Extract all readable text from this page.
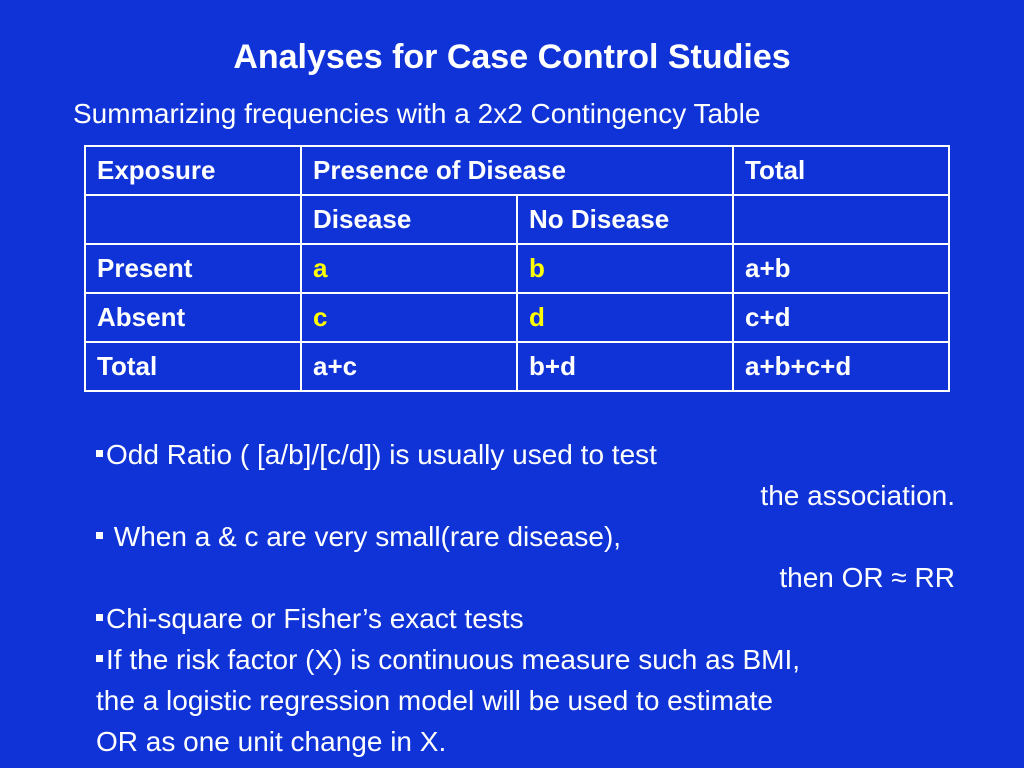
Analyses for Case Control Studies
Summarizing frequencies with a 2x2 Contingency Table
Exposure	Presence of Disease		Total
	Disease	No Disease	
Present	a	b	a+b
Absent	c	d	c+d
Total	a+c	b+d	a+b+c+d
Odd Ratio ( [a/b]/[c/d]) is usually used to test
the association.
When a & c are very small(rare disease),
then OR ≈ RR
Chi-square or Fisher’s exact tests
If the risk factor (X) is continuous measure such as BMI,
the a logistic regression model will be used to estimate
OR as one unit change in X.
